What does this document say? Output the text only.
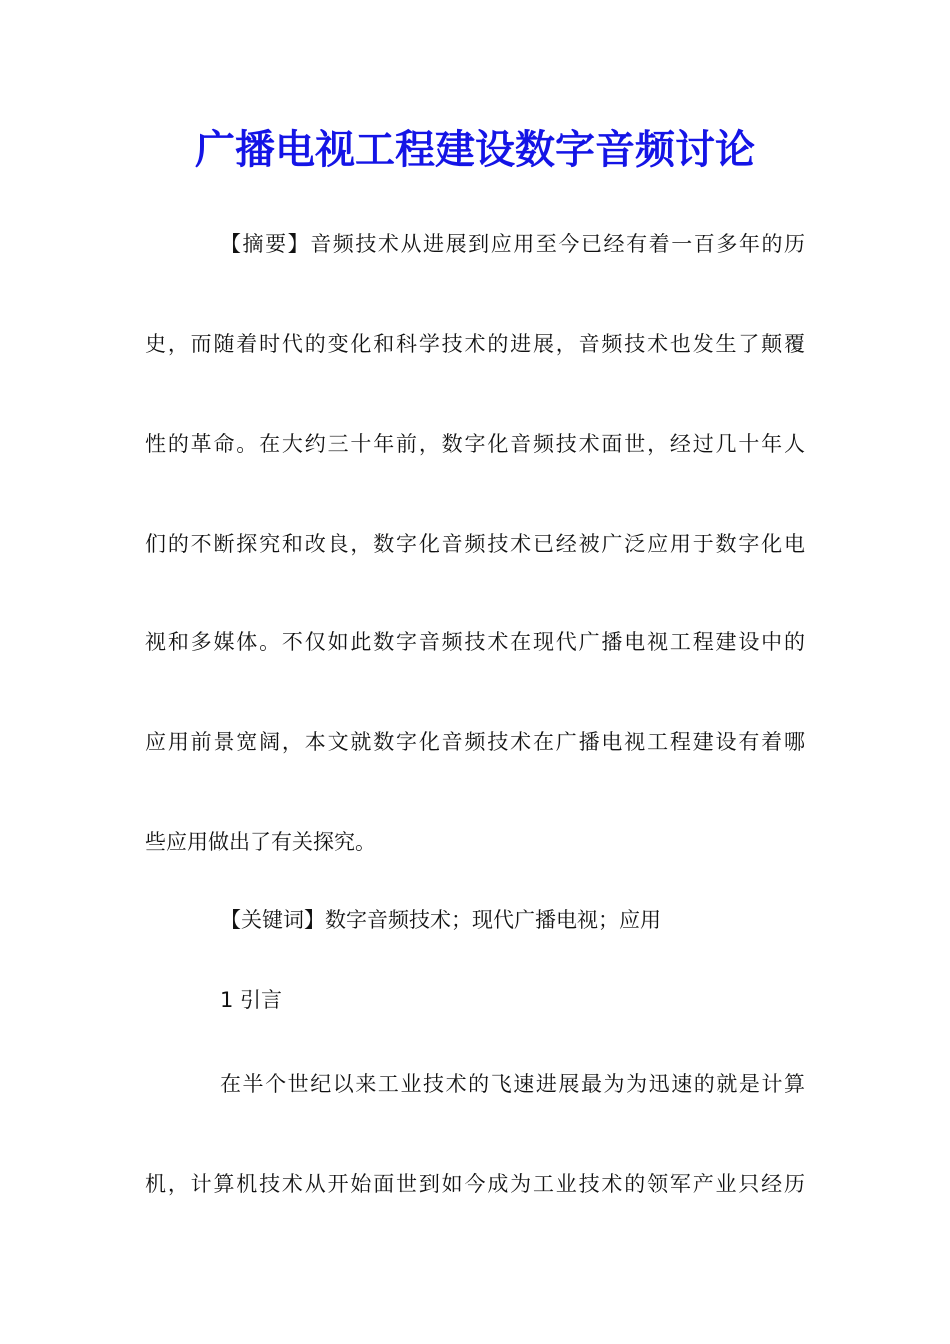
广播电视工程建设数字音频讨论

【摘要】音频技术从进展到应用至今已经有着一百多年的历

史，而随着时代的变化和科学技术的进展，音频技术也发生了颠覆

性的革命。在大约三十年前，数字化音频技术面世，经过几十年人

们的不断探究和改良，数字化音频技术已经被广泛应用于数字化电

视和多媒体。不仅如此数字音频技术在现代广播电视工程建设中的

应用前景宽阔，本文就数字化音频技术在广播电视工程建设有着哪

些应用做出了有关探究。

【关键词】数字音频技术；现代广播电视；应用

1 引言

在半个世纪以来工业技术的飞速进展最为为迅速的就是计算

机，计算机技术从开始面世到如今成为工业技术的领军产业只经历
